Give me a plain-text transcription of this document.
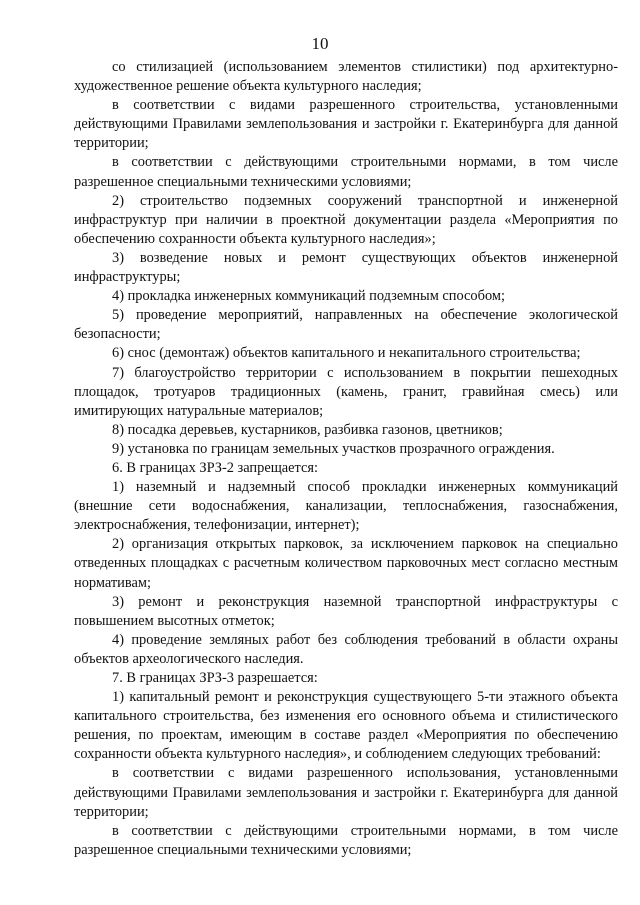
10

со стилизацией (использованием элементов стилистики) под архитектурно-художественное решение объекта культурного наследия;

в соответствии с видами разрешенного строительства, установленными действующими Правилами землепользования и застройки г. Екатеринбурга для данной территории;

в соответствии с действующими строительными нормами, в том числе разрешенное специальными техническими условиями;

2) строительство подземных сооружений транспортной и инженерной инфраструктур при наличии в проектной документации раздела «Мероприятия по обеспечению сохранности объекта культурного наследия»;

3) возведение новых и ремонт существующих объектов инженерной инфраструктуры;

4) прокладка инженерных коммуникаций подземным способом;

5) проведение мероприятий, направленных на обеспечение экологической безопасности;

6) снос (демонтаж) объектов капитального и некапитального строительства;

7) благоустройство территории с использованием в покрытии пешеходных площадок, тротуаров традиционных (камень, гранит, гравийная смесь) или имитирующих натуральные материалов;

8) посадка деревьев, кустарников, разбивка газонов, цветников;

9) установка по границам земельных участков прозрачного ограждения.

6. В границах ЗРЗ-2 запрещается:

1) наземный и надземный способ прокладки инженерных коммуникаций (внешние сети водоснабжения, канализации, теплоснабжения, газоснабжения, электроснабжения, телефонизации, интернет);

2) организация открытых парковок, за исключением парковок на специально отведенных площадках с расчетным количеством парковочных мест согласно местным нормативам;

3) ремонт и реконструкция наземной транспортной инфраструктуры с повышением высотных отметок;

4) проведение земляных работ без соблюдения требований в области охраны объектов археологического наследия.

7. В границах ЗРЗ-3 разрешается:

1) капитальный ремонт и реконструкция существующего 5-ти этажного объекта капитального строительства, без изменения его основного объема и стилистического решения, по проектам, имеющим в составе раздел «Мероприятия по обеспечению сохранности объекта культурного наследия», и соблюдением следующих требований:

в соответствии с видами разрешенного использования, установленными действующими Правилами землепользования и застройки г. Екатеринбурга для данной территории;

в соответствии с действующими строительными нормами, в том числе разрешенное специальными техническими условиями;
